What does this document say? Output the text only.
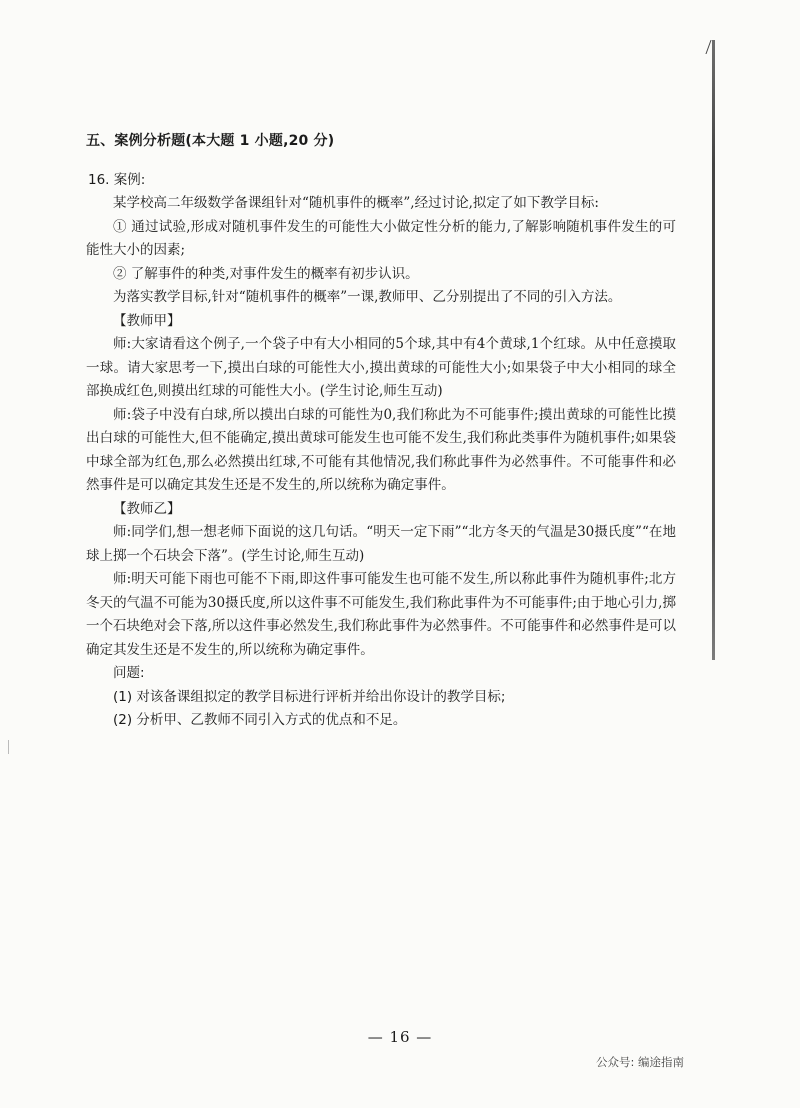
五、案例分析题(本大题 1 小题,20 分)
16. 案例:

某学校高二年级数学备课组针对“随机事件的概率”,经过讨论,拟定了如下教学目标:

① 通过试验,形成对随机事件发生的可能性大小做定性分析的能力,了解影响随机事件发生的可能性大小的因素;

② 了解事件的种类,对事件发生的概率有初步认识。

为落实教学目标,针对“随机事件的概率”一课,教师甲、乙分别提出了不同的引入方法。

【教师甲】

师:大家请看这个例子,一个袋子中有大小相同的5个球,其中有4个黄球,1个红球。从中任意摸取一球。请大家思考一下,摸出白球的可能性大小,摸出黄球的可能性大小;如果袋子中大小相同的球全部换成红色,则摸出红球的可能性大小。(学生讨论,师生互动)

师:袋子中没有白球,所以摸出白球的可能性为0,我们称此为不可能事件;摸出黄球的可能性比摸出白球的可能性大,但不能确定,摸出黄球可能发生也可能不发生,我们称此类事件为随机事件;如果袋中球全部为红色,那么必然摸出红球,不可能有其他情况,我们称此事件为必然事件。不可能事件和必然事件是可以确定其发生还是不发生的,所以统称为确定事件。

【教师乙】

师:同学们,想一想老师下面说的这几句话。“明天一定下雨”“北方冬天的气温是30摄氏度”“在地球上掷一个石块会下落”。(学生讨论,师生互动)

师:明天可能下雨也可能不下雨,即这件事可能发生也可能不发生,所以称此事件为随机事件;北方冬天的气温不可能为30摄氏度,所以这件事不可能发生,我们称此事件为不可能事件;由于地心引力,掷一个石块绝对会下落,所以这件事必然发生,我们称此事件为必然事件。不可能事件和必然事件是可以确定其发生还是不发生的,所以统称为确定事件。

问题:

(1) 对该备课组拟定的教学目标进行评析并给出你设计的教学目标;

(2) 分析甲、乙教师不同引入方式的优点和不足。

— 16 —
公众号: 编途指南
